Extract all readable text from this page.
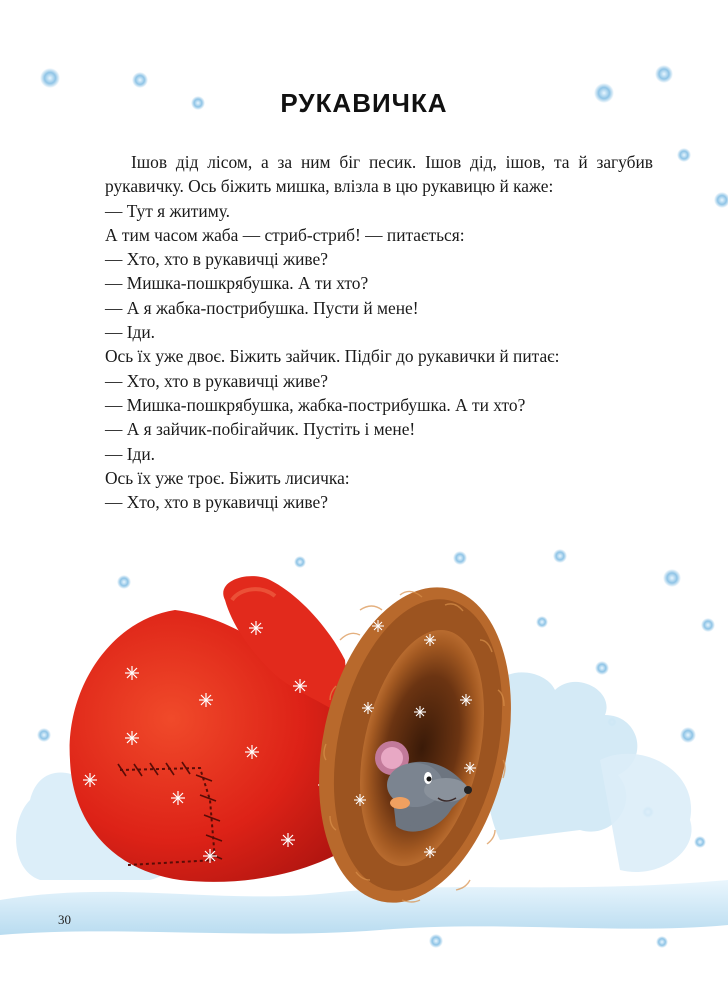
РУКАВИЧКА

Ішов дід лісом, а за ним біг песик. Ішов дід, ішов, та й загубив рукавичку. Ось біжить мишка, влізла в цю рукавицю й каже:

— Тут я житиму.

А тим часом жаба — стриб-стриб! — питається:

— Хто, хто в рукавичці живе?

— Мишка-пошкрябушка. А ти хто?

— А я жабка-пострибушка. Пусти й мене!

— Іди.

Ось їх уже двоє. Біжить зайчик. Підбіг до рукавички й питає:

— Хто, хто в рукавичці живе?

— Мишка-пошкрябушка, жабка-пострибушка. А ти хто?

— А я зайчик-побігайчик. Пустіть і мене!

— Іди.

Ось їх уже троє. Біжить лисичка:

— Хто, хто в рукавичці живе?

30
